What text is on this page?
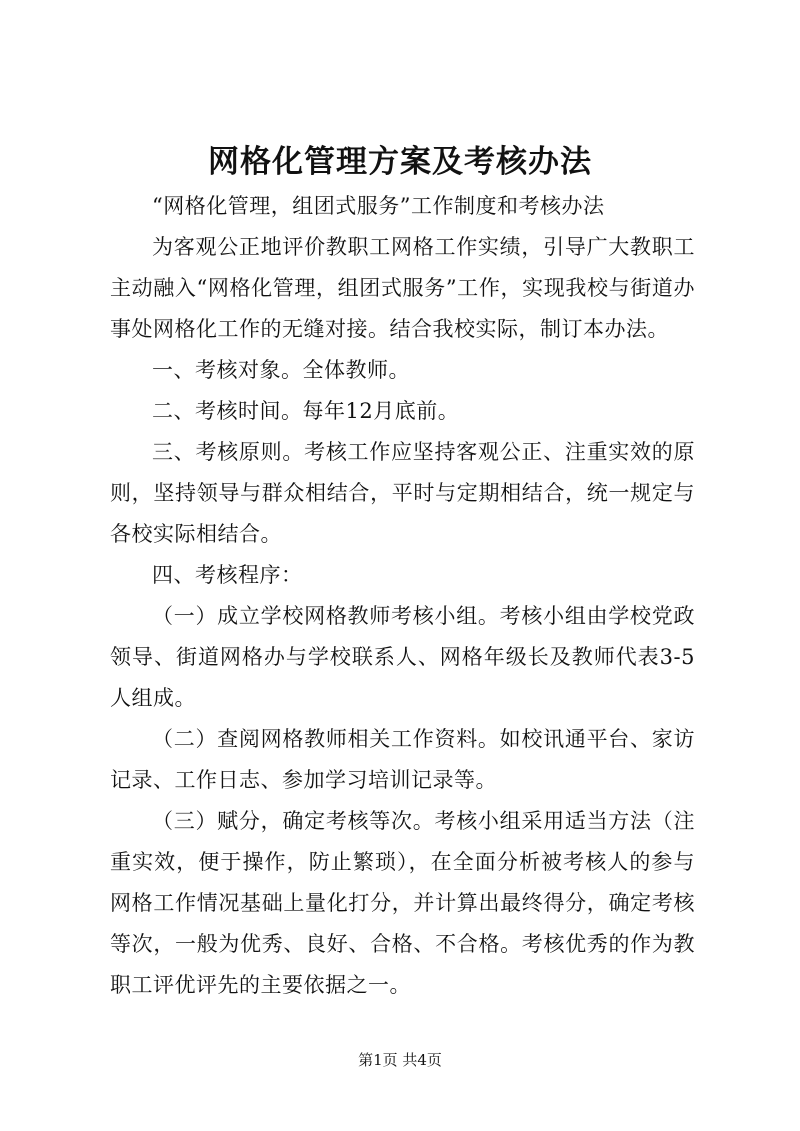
网格化管理方案及考核办法

“网格化管理，组团式服务”工作制度和考核办法

为客观公正地评价教职工网格工作实绩，引导广大教职工主动融入“网格化管理，组团式服务”工作，实现我校与街道办事处网格化工作的无缝对接。结合我校实际，制订本办法。

一、考核对象。全体教师。

二、考核时间。每年12月底前。

三、考核原则。考核工作应坚持客观公正、注重实效的原则，坚持领导与群众相结合，平时与定期相结合，统一规定与各校实际相结合。

四、考核程序：

（一）成立学校网格教师考核小组。考核小组由学校党政领导、街道网格办与学校联系人、网格年级长及教师代表3-5人组成。

（二）查阅网格教师相关工作资料。如校讯通平台、家访记录、工作日志、参加学习培训记录等。

（三）赋分，确定考核等次。考核小组采用适当方法（注重实效，便于操作，防止繁琐），在全面分析被考核人的参与网格工作情况基础上量化打分，并计算出最终得分，确定考核等次，一般为优秀、良好、合格、不合格。考核优秀的作为教职工评优评先的主要依据之一。

第1页 共4页
